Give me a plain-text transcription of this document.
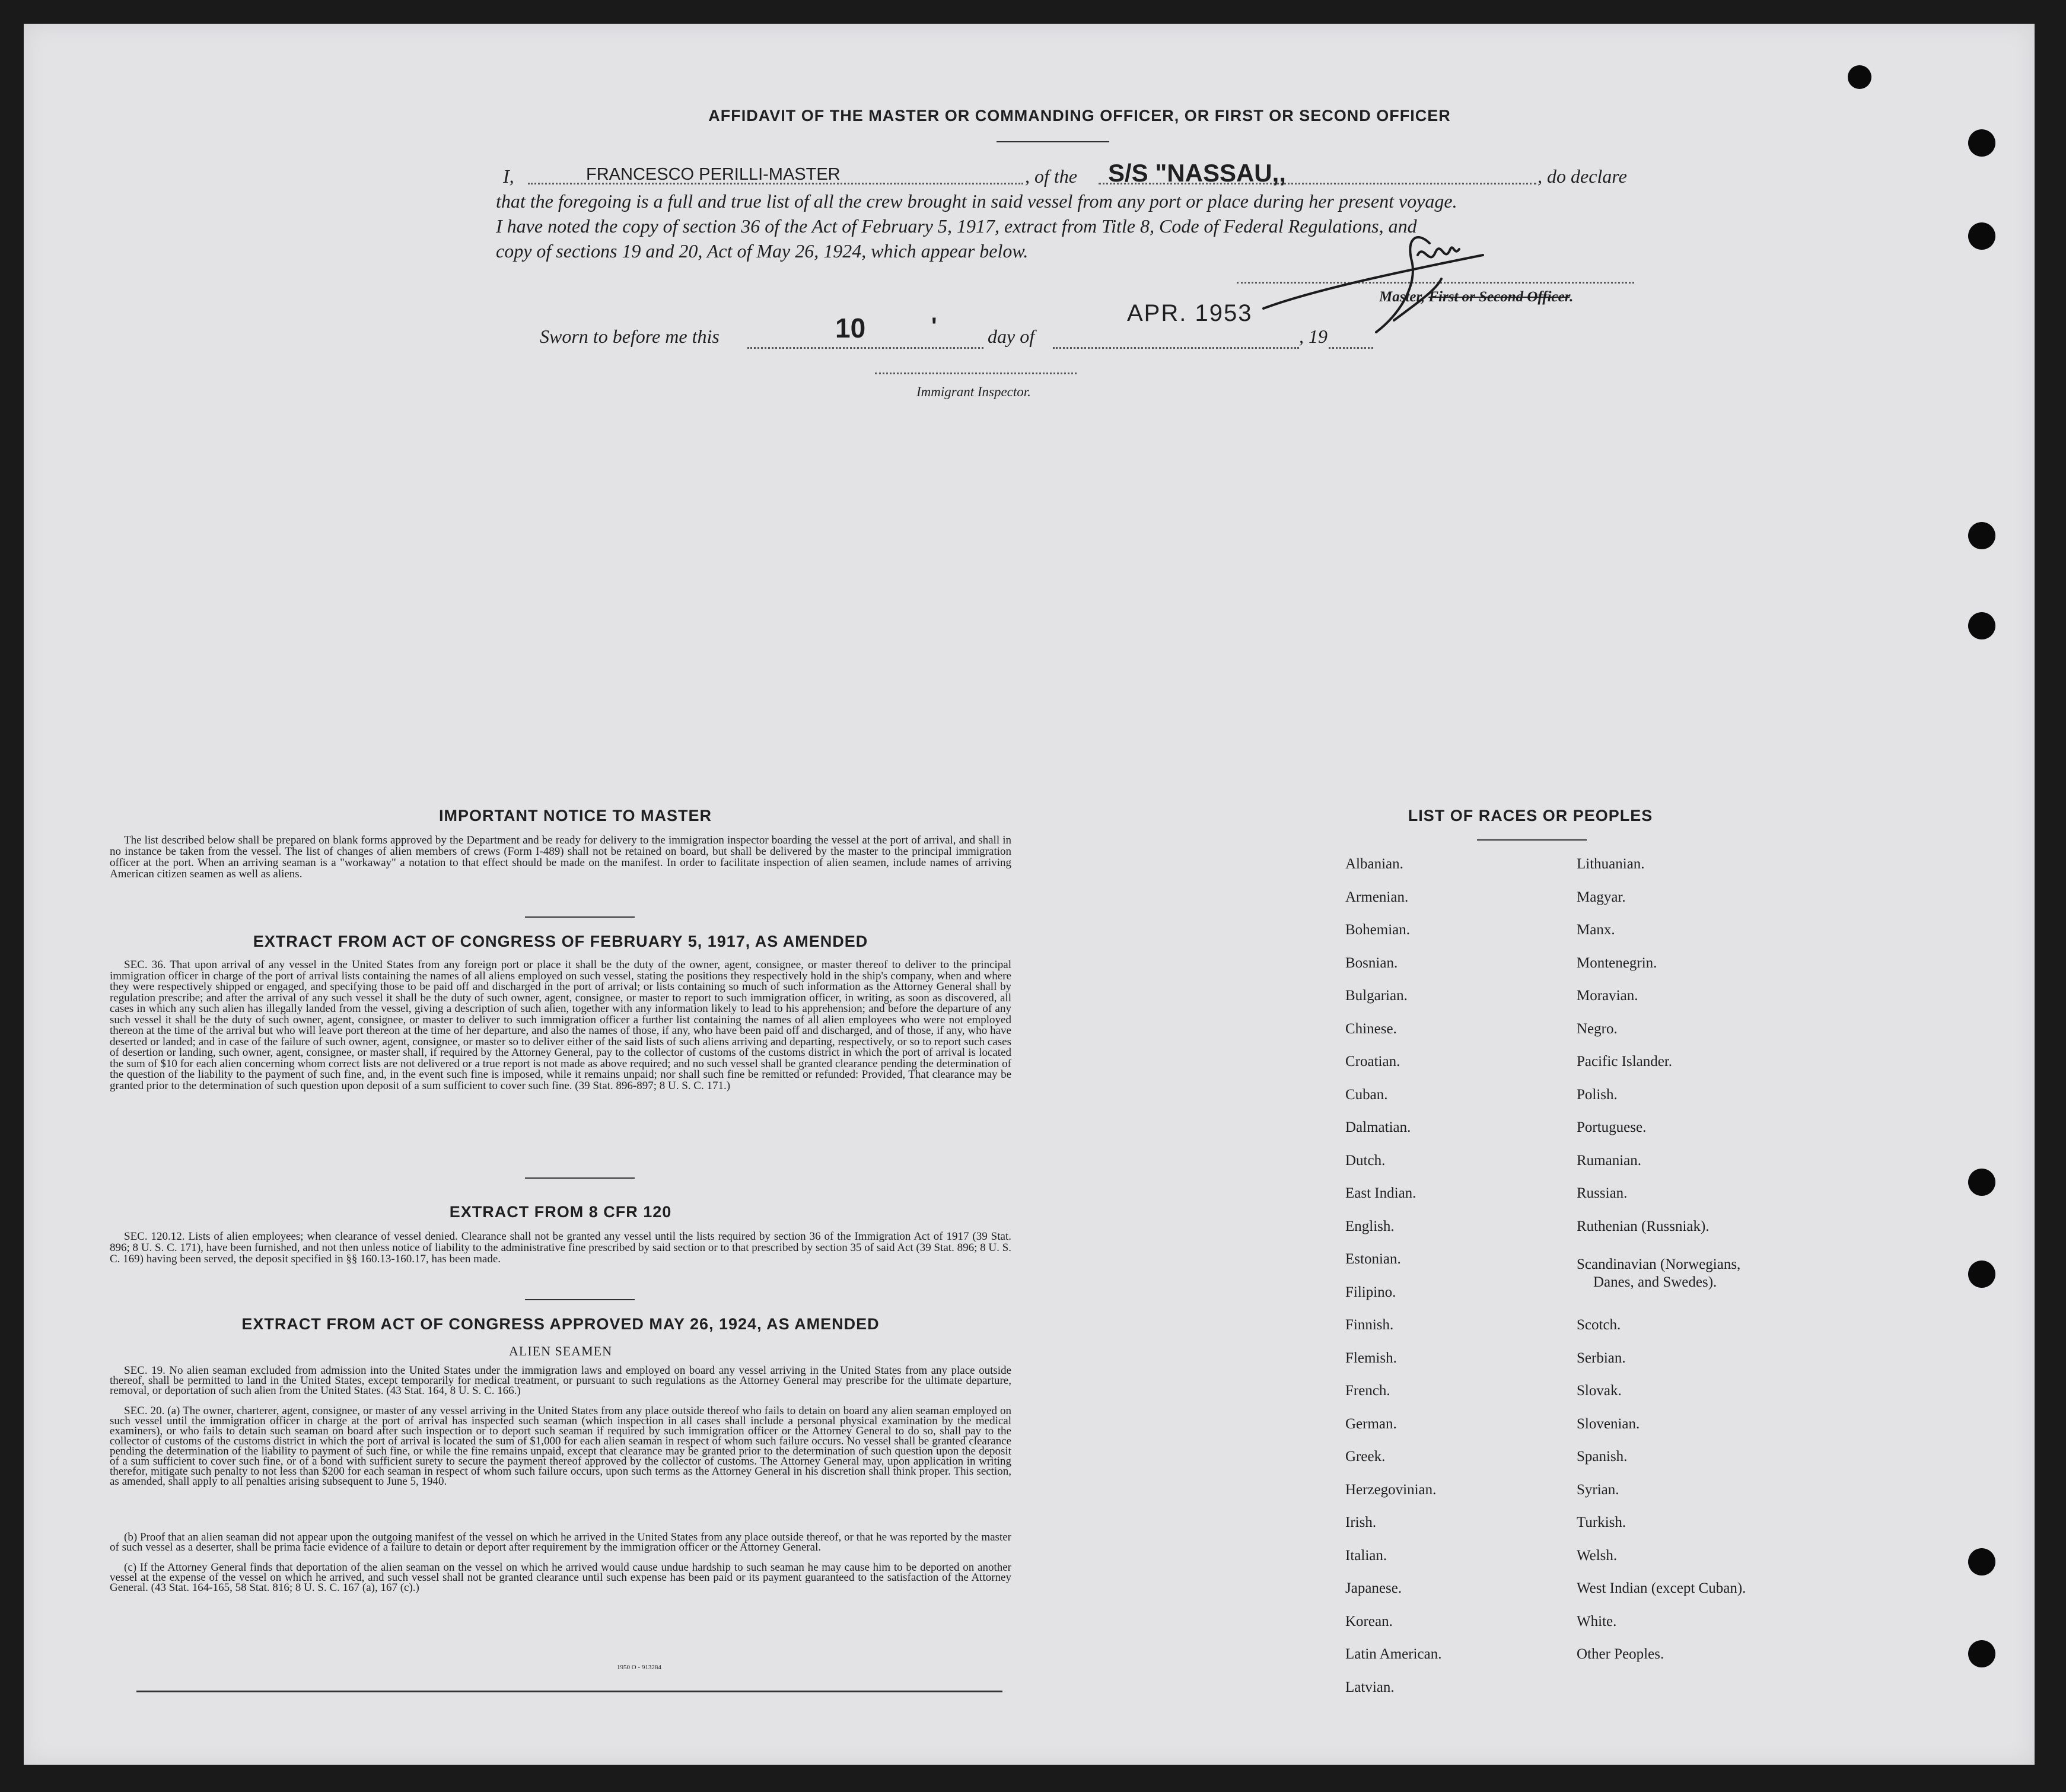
AFFIDAVIT OF THE MASTER OR COMMANDING OFFICER, OR FIRST OR SECOND OFFICER
I,	FRANCESCO PERILLI-MASTER	, of the S/S "NASSAU,,	, do declare
that the foregoing is a full and true list of all the crew brought in said vessel from any port or place during her present voyage.
I have noted the copy of section 36 of the Act of February 5, 1917, extract from Title 8, Code of Federal Regulations, and
copy of sections 19 and 20, Act of May 26, 1924, which appear below.
Sworn to before me this	10	'	day of
APR. 1953
, 19
Master, First or Second Officer.
Immigrant Inspector.
IMPORTANT NOTICE TO MASTER
The list described below shall be prepared on blank forms approved by the Department and be ready for delivery to the immigration inspector boarding the vessel at the port of arrival, and shall in no instance be taken from the vessel. The list of changes of alien members of crews (Form I-489) shall not be retained on board, but shall be delivered by the master to the principal immigration officer at the port. When an arriving seaman is a "workaway" a notation to that effect should be made on the manifest. In order to facilitate inspection of alien seamen, include names of arriving American citizen seamen as well as aliens.
EXTRACT FROM ACT OF CONGRESS OF FEBRUARY 5, 1917, AS AMENDED
SEC. 36. That upon arrival of any vessel in the United States from any foreign port or place it shall be the duty of the owner, agent, consignee, or master thereof to deliver to the principal immigration officer in charge of the port of arrival lists containing the names of all aliens employed on such vessel, stating the positions they respectively hold in the ship's company, when and where they were respectively shipped or engaged, and specifying those to be paid off and discharged in the port of arrival; or lists containing so much of such information as the Attorney General shall by regulation prescribe; and after the arrival of any such vessel it shall be the duty of such owner, agent, consignee, or master to report to such immigration officer, in writing, as soon as discovered, all cases in which any such alien has illegally landed from the vessel, giving a description of such alien, together with any information likely to lead to his apprehension; and before the departure of any such vessel it shall be the duty of such owner, agent, consignee, or master to deliver to such immigration officer a further list containing the names of all alien employees who were not employed thereon at the time of the arrival but who will leave port thereon at the time of her departure, and also the names of those, if any, who have been paid off and discharged, and of those, if any, who have deserted or landed; and in case of the failure of such owner, agent, consignee, or master so to deliver either of the said lists of such aliens arriving and departing, respectively, or so to report such cases of desertion or landing, such owner, agent, consignee, or master shall, if required by the Attorney General, pay to the collector of customs of the customs district in which the port of arrival is located the sum of $10 for each alien concerning whom correct lists are not delivered or a true report is not made as above required; and no such vessel shall be granted clearance pending the determination of the question of the liability to the payment of such fine, and, in the event such fine is imposed, while it remains unpaid; nor shall such fine be remitted or refunded: Provided, That clearance may be granted prior to the determination of such question upon deposit of a sum sufficient to cover such fine. (39 Stat. 896-897; 8 U. S. C. 171.)
EXTRACT FROM 8 CFR 120
SEC. 120.12. Lists of alien employees; when clearance of vessel denied. Clearance shall not be granted any vessel until the lists required by section 36 of the Immigration Act of 1917 (39 Stat. 896; 8 U. S. C. 171), have been furnished, and not then unless notice of liability to the administrative fine prescribed by said section or to that prescribed by section 35 of said Act (39 Stat. 896; 8 U. S. C. 169) having been served, the deposit specified in §§ 160.13-160.17, has been made.
EXTRACT FROM ACT OF CONGRESS APPROVED MAY 26, 1924, AS AMENDED
ALIEN SEAMEN
SEC. 19. No alien seaman excluded from admission into the United States under the immigration laws and employed on board any vessel arriving in the United States from any place outside thereof, shall be permitted to land in the United States, except temporarily for medical treatment, or pursuant to such regulations as the Attorney General may prescribe for the ultimate departure, removal, or deportation of such alien from the United States. (43 Stat. 164, 8 U. S. C. 166.)
SEC. 20. (a) The owner, charterer, agent, consignee, or master of any vessel arriving in the United States from any place outside thereof who fails to detain on board any alien seaman employed on such vessel until the immigration officer in charge at the port of arrival has inspected such seaman (which inspection in all cases shall include a personal physical examination by the medical examiners), or who fails to detain such seaman on board after such inspection or to deport such seaman if required by such immigration officer or the Attorney General to do so, shall pay to the collector of customs of the customs district in which the port of arrival is located the sum of $1,000 for each alien seaman in respect of whom such failure occurs. No vessel shall be granted clearance pending the determination of the liability to payment of such fine, or while the fine remains unpaid, except that clearance may be granted prior to the determination of such question upon the deposit of a sum sufficient to cover such fine, or of a bond with sufficient surety to secure the payment thereof approved by the collector of customs. The Attorney General may, upon application in writing therefor, mitigate such penalty to not less than $200 for each seaman in respect of whom such failure occurs, upon such terms as the Attorney General in his discretion shall think proper. This section, as amended, shall apply to all penalties arising subsequent to June 5, 1940.
(b) Proof that an alien seaman did not appear upon the outgoing manifest of the vessel on which he arrived in the United States from any place outside thereof, or that he was reported by the master of such vessel as a deserter, shall be prima facie evidence of a failure to detain or deport after requirement by the immigration officer or the Attorney General.
(c) If the Attorney General finds that deportation of the alien seaman on the vessel on which he arrived would cause undue hardship to such seaman he may cause him to be deported on another vessel at the expense of the vessel on which he arrived, and such vessel shall not be granted clearance until such expense has been paid or its payment guaranteed to the satisfaction of the Attorney General. (43 Stat. 164-165, 58 Stat. 816; 8 U. S. C. 167 (a), 167 (c).)
1950 O - 913284
LIST OF RACES OR PEOPLES
Albanian.
Armenian.
Bohemian.
Bosnian.
Bulgarian.
Chinese.
Croatian.
Cuban.
Dalmatian.
Dutch.
East Indian.
English.
Estonian.
Filipino.
Finnish.
Flemish.
French.
German.
Greek.
Herzegovinian.
Irish.
Italian.
Japanese.
Korean.
Latin American.
Latvian.
Lithuanian.
Magyar.
Manx.
Montenegrin.
Moravian.
Negro.
Pacific Islander.
Polish.
Portuguese.
Rumanian.
Russian.
Ruthenian (Russniak).
Scandinavian (Norwegians,
Danes, and Swedes).
Scotch.
Serbian.
Slovak.
Slovenian.
Spanish.
Syrian.
Turkish.
Welsh.
West Indian (except Cuban).
White.
Other Peoples.
